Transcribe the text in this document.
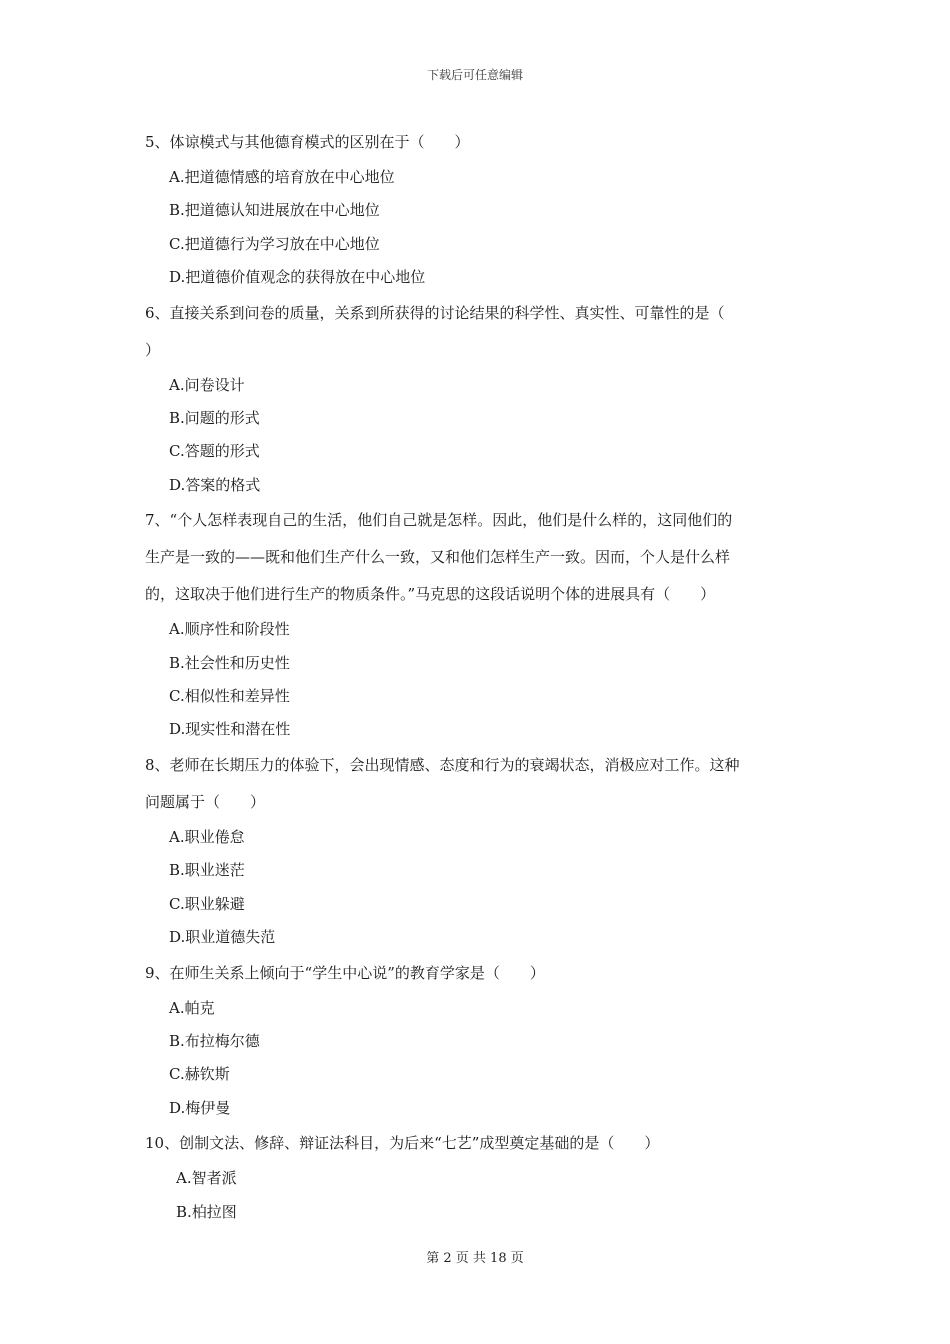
下载后可任意编辑

5、体谅模式与其他德育模式的区别在于（　　）

A.把道德情感的培育放在中心地位

B.把道德认知进展放在中心地位

C.把道德行为学习放在中心地位

D.把道德价值观念的获得放在中心地位

6、直接关系到问卷的质量，关系到所获得的讨论结果的科学性、真实性、可靠性的是（
）

A.问卷设计

B.问题的形式

C.答题的形式

D.答案的格式

7、“个人怎样表现自己的生活，他们自己就是怎样。因此，他们是什么样的，这同他们的
生产是一致的——既和他们生产什么一致，又和他们怎样生产一致。因而，个人是什么样
的，这取决于他们进行生产的物质条件。”马克思的这段话说明个体的进展具有（　　）

A.顺序性和阶段性

B.社会性和历史性

C.相似性和差异性

D.现实性和潜在性

8、老师在长期压力的体验下，会出现情感、态度和行为的衰竭状态，消极应对工作。这种
问题属于（　　）

A.职业倦怠

B.职业迷茫

C.职业躲避

D.职业道德失范

9、在师生关系上倾向于“学生中心说”的教育学家是（　　）

A.帕克

B.布拉梅尔德

C.赫钦斯

D.梅伊曼

10、创制文法、修辞、辩证法科目，为后来“七艺”成型奠定基础的是（　　）

A.智者派

B.柏拉图

第 2 页 共 18 页
